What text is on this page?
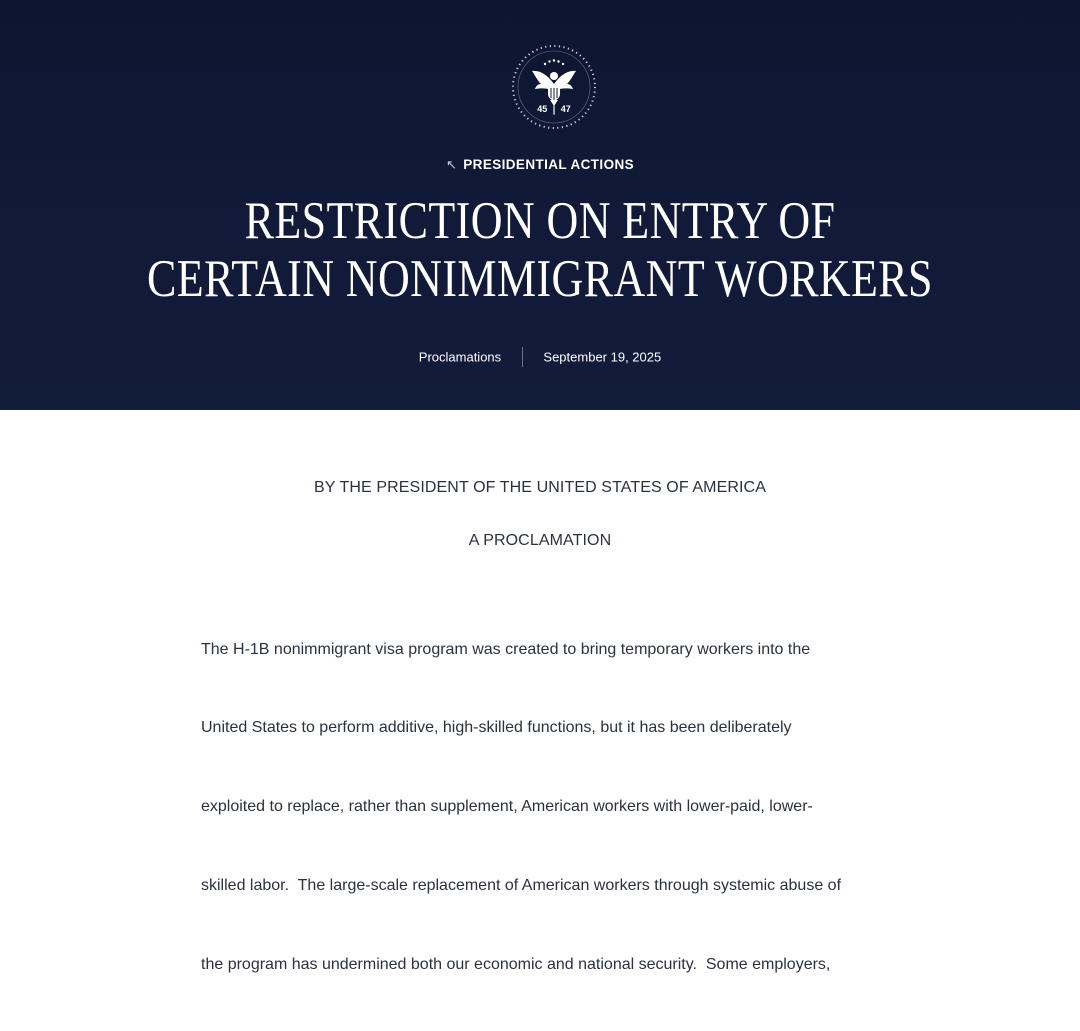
45 | 47
↖ PRESIDENTIAL ACTIONS
RESTRICTION ON ENTRY OF
CERTAIN NONIMMIGRANT WORKERS
Proclamations	September 19, 2025
BY THE PRESIDENT OF THE UNITED STATES OF AMERICA
A PROCLAMATION

The H-1B nonimmigrant visa program was created to bring temporary workers into the

United States to perform additive, high-skilled functions, but it has been deliberately

exploited to replace, rather than supplement, American workers with lower-paid, lower-

skilled labor.  The large-scale replacement of American workers through systemic abuse of

the program has undermined both our economic and national security.  Some employers,
